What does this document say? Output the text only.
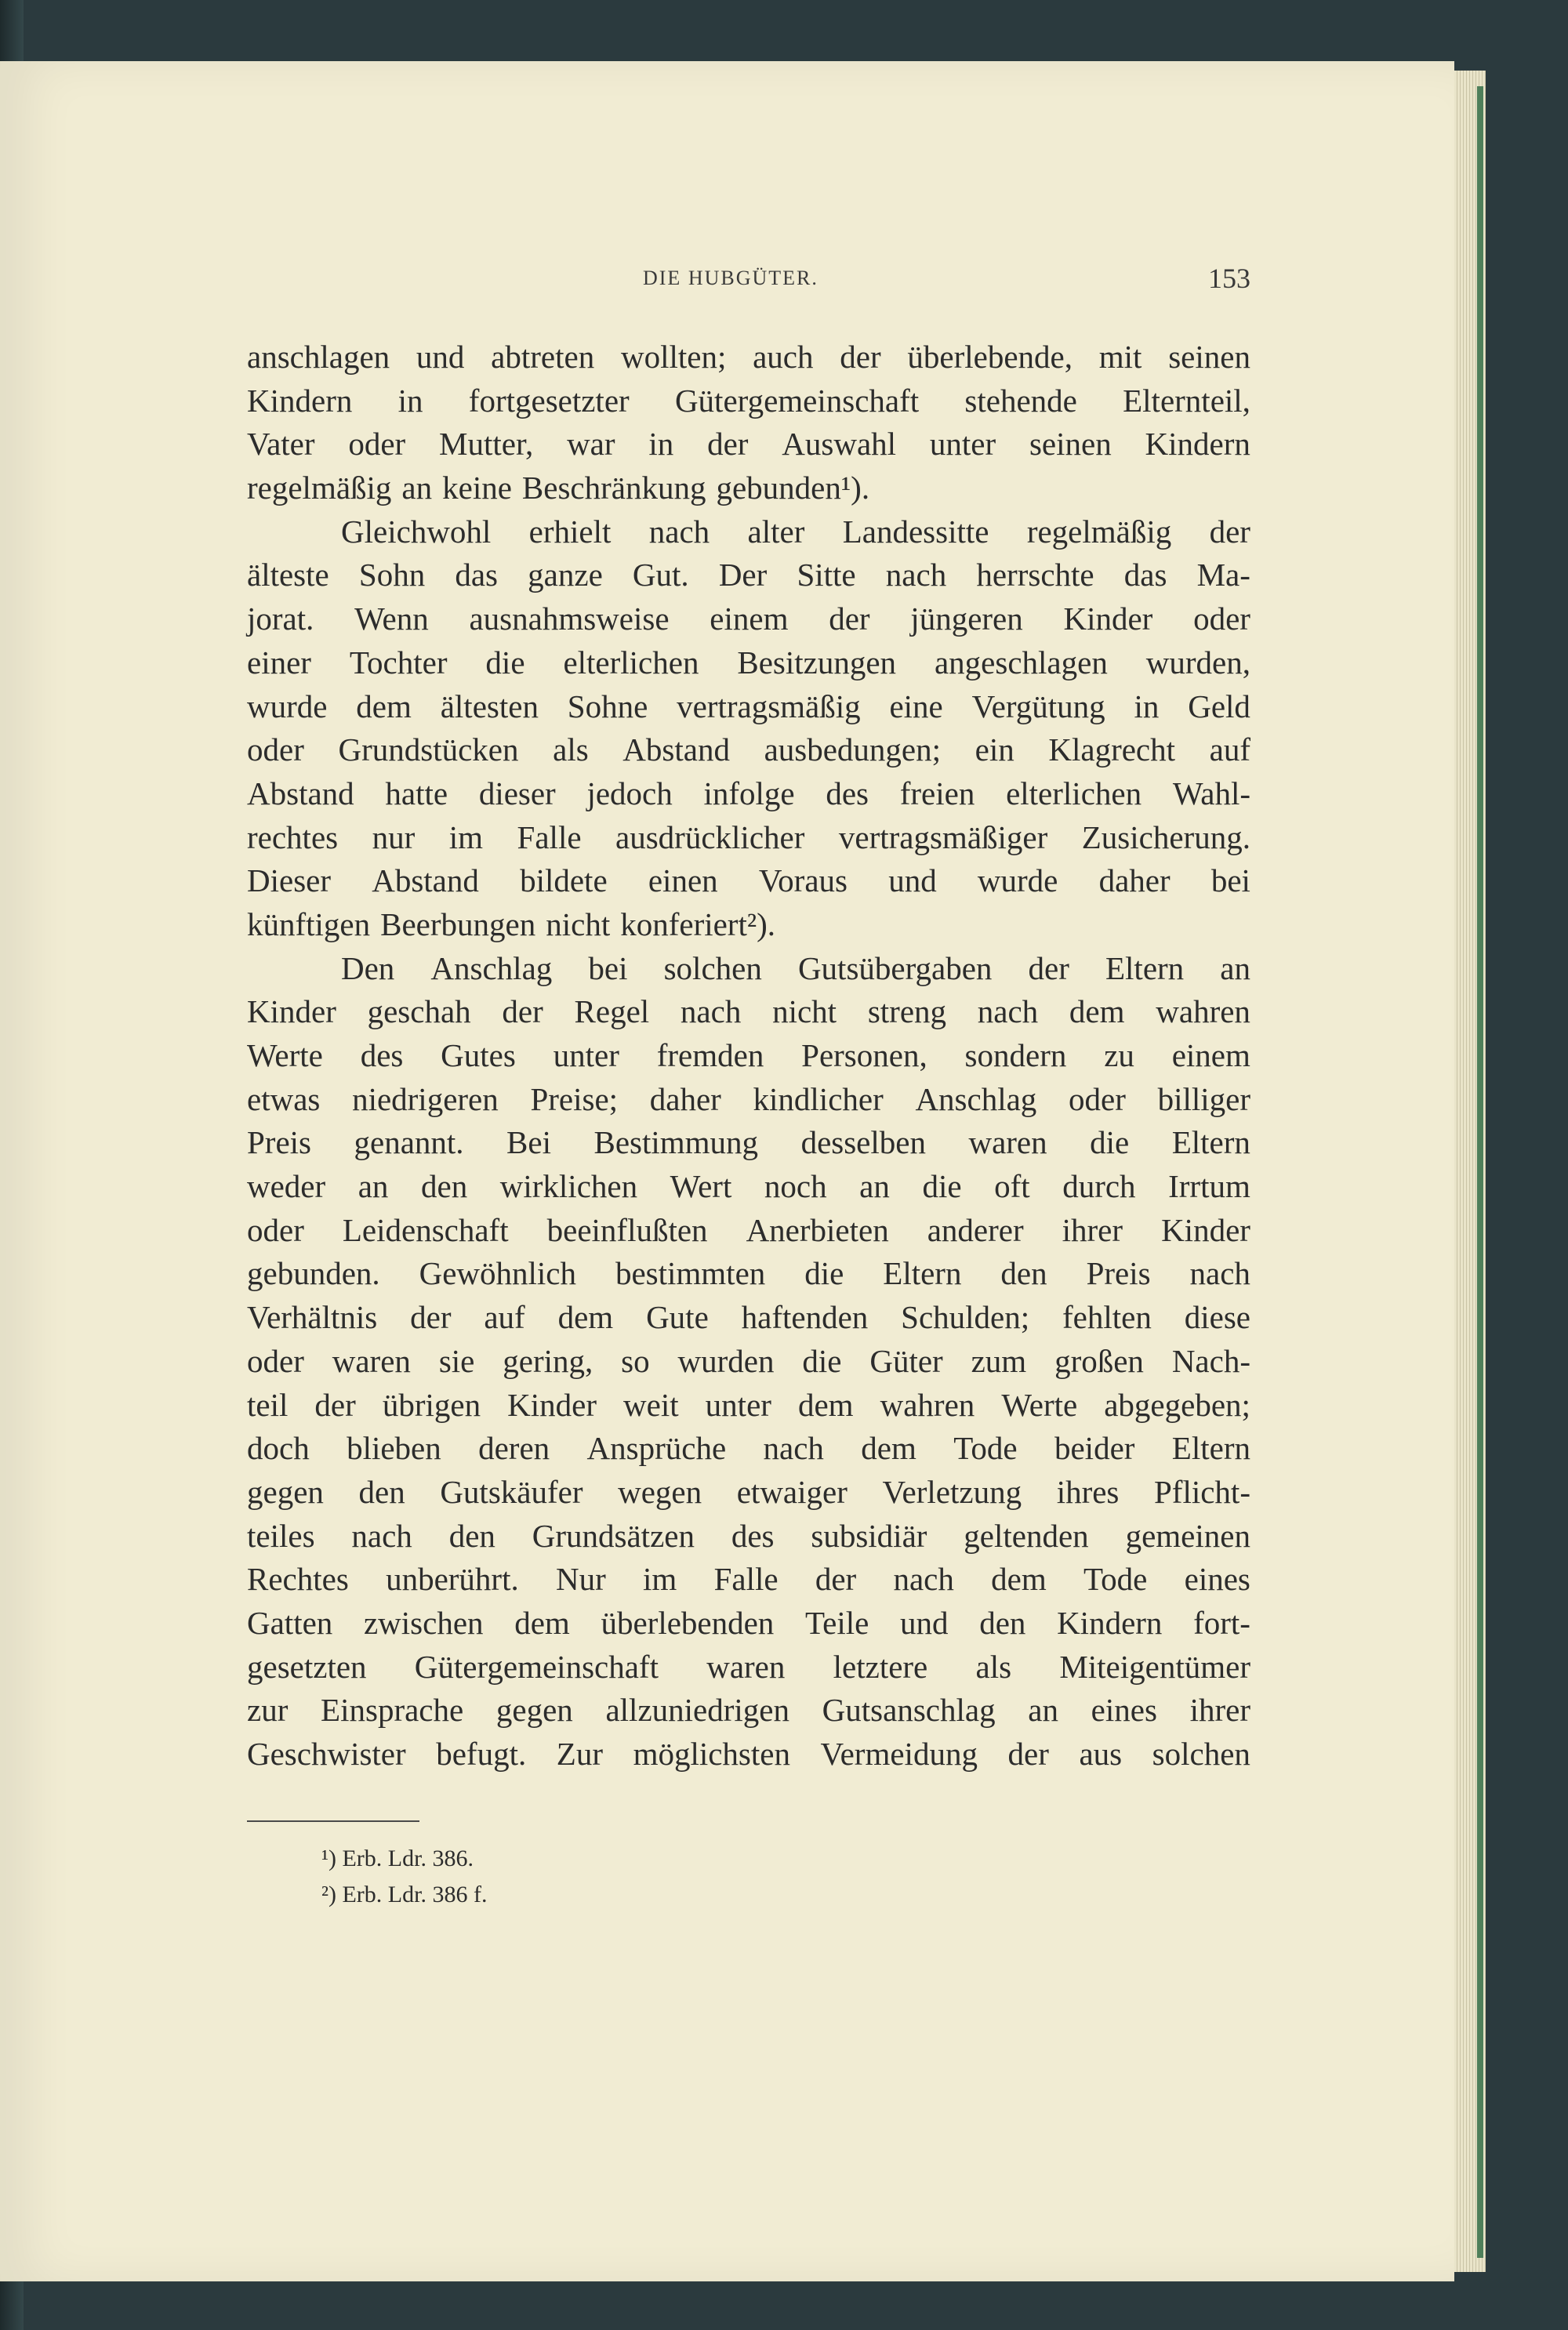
DIE HUBGÜTER.	153
anschlagen und abtreten wollten; auch der überlebende, mit seinen
Kindern in fortgesetzter Gütergemeinschaft stehende Elternteil,
Vater oder Mutter, war in der Auswahl unter seinen Kindern
regelmäßig an keine Beschränkung gebunden¹).
Gleichwohl erhielt nach alter Landessitte regelmäßig der
älteste Sohn das ganze Gut. Der Sitte nach herrschte das Ma-
jorat. Wenn ausnahmsweise einem der jüngeren Kinder oder
einer Tochter die elterlichen Besitzungen angeschlagen wurden,
wurde dem ältesten Sohne vertragsmäßig eine Vergütung in Geld
oder Grundstücken als Abstand ausbedungen; ein Klagrecht auf
Abstand hatte dieser jedoch infolge des freien elterlichen Wahl-
rechtes nur im Falle ausdrücklicher vertragsmäßiger Zusicherung.
Dieser Abstand bildete einen Voraus und wurde daher bei
künftigen Beerbungen nicht konferiert²).
Den Anschlag bei solchen Gutsübergaben der Eltern an
Kinder geschah der Regel nach nicht streng nach dem wahren
Werte des Gutes unter fremden Personen, sondern zu einem
etwas niedrigeren Preise; daher kindlicher Anschlag oder billiger
Preis genannt. Bei Bestimmung desselben waren die Eltern
weder an den wirklichen Wert noch an die oft durch Irrtum
oder Leidenschaft beeinflußten Anerbieten anderer ihrer Kinder
gebunden. Gewöhnlich bestimmten die Eltern den Preis nach
Verhältnis der auf dem Gute haftenden Schulden; fehlten diese
oder waren sie gering, so wurden die Güter zum großen Nach-
teil der übrigen Kinder weit unter dem wahren Werte abgegeben;
doch blieben deren Ansprüche nach dem Tode beider Eltern
gegen den Gutskäufer wegen etwaiger Verletzung ihres Pflicht-
teiles nach den Grundsätzen des subsidiär geltenden gemeinen
Rechtes unberührt. Nur im Falle der nach dem Tode eines
Gatten zwischen dem überlebenden Teile und den Kindern fort-
gesetzten Gütergemeinschaft waren letztere als Miteigentümer
zur Einsprache gegen allzuniedrigen Gutsanschlag an eines ihrer
Geschwister befugt. Zur möglichsten Vermeidung der aus solchen
¹) Erb. Ldr. 386.
²) Erb. Ldr. 386 f.
